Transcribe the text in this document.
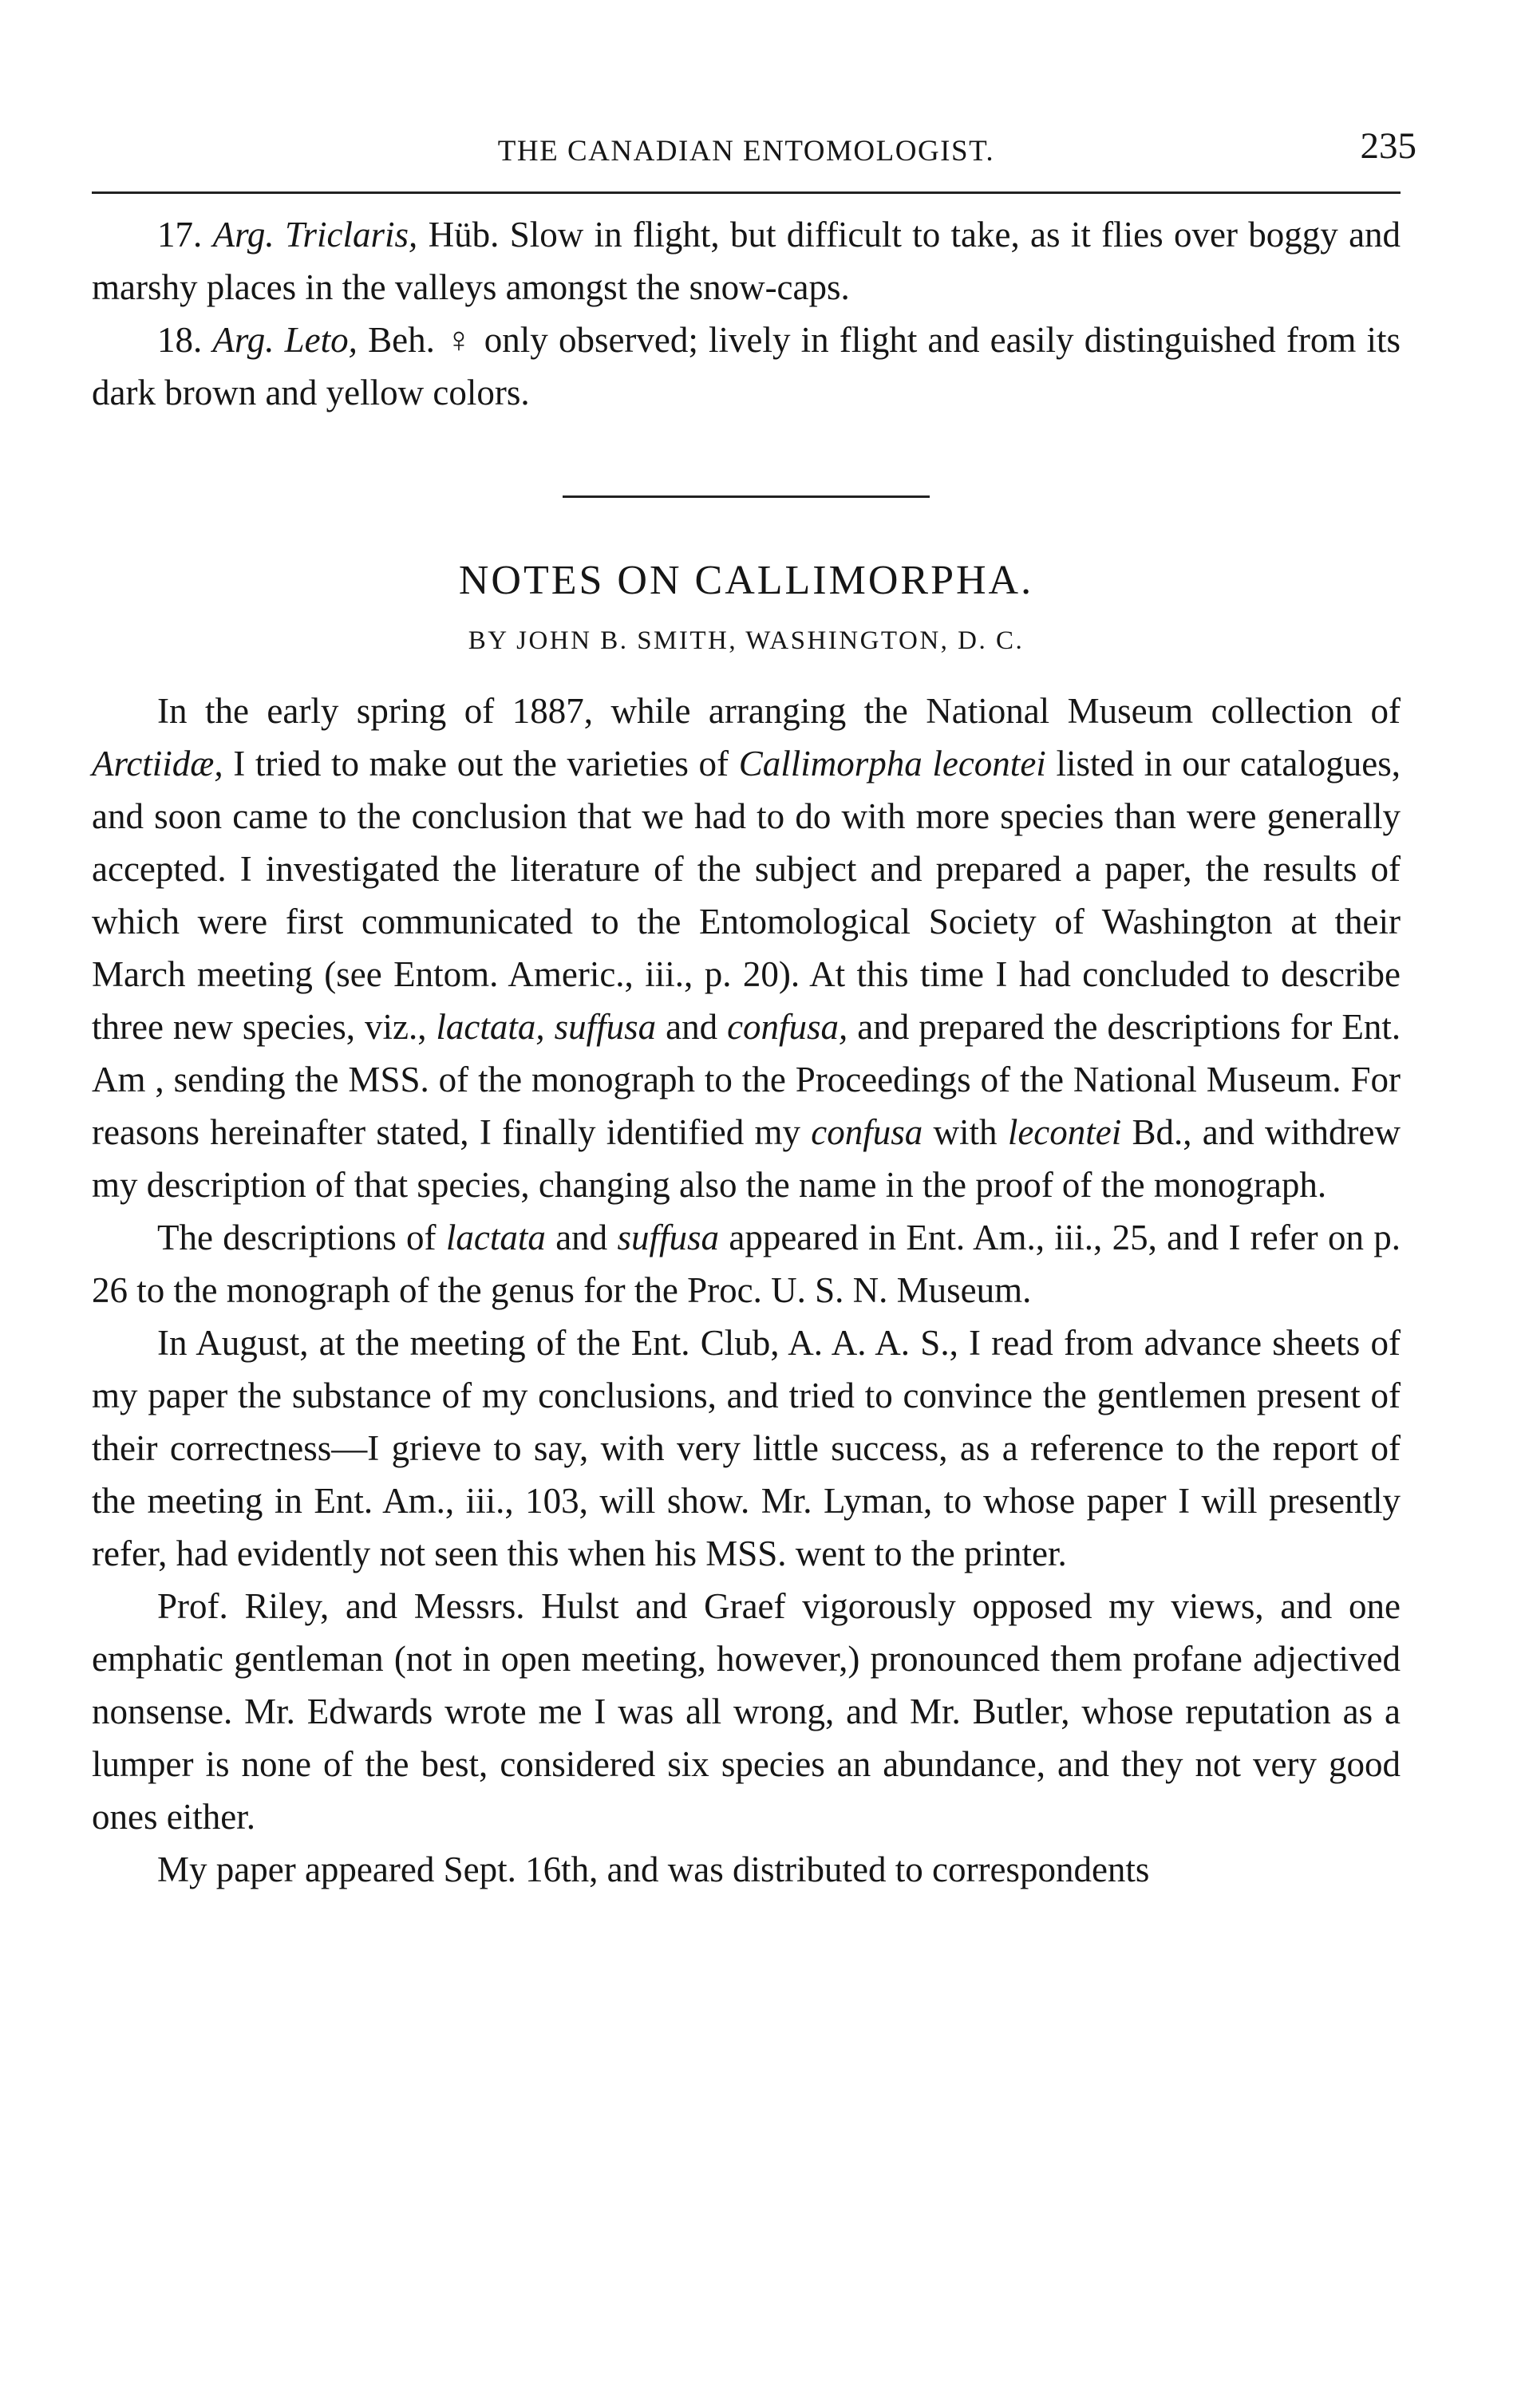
THE CANADIAN ENTOMOLOGIST.	235

17. Arg. Triclaris, Hüb. Slow in flight, but difficult to take, as it flies over boggy and marshy places in the valleys amongst the snow-caps.

18. Arg. Leto, Beh. ♀ only observed; lively in flight and easily distinguished from its dark brown and yellow colors.

NOTES ON CALLIMORPHA.
BY JOHN B. SMITH, WASHINGTON, D. C.

In the early spring of 1887, while arranging the National Museum collection of Arctiidæ, I tried to make out the varieties of Callimorpha lecontei listed in our catalogues, and soon came to the conclusion that we had to do with more species than were generally accepted. I investigated the literature of the subject and prepared a paper, the results of which were first communicated to the Entomological Society of Washington at their March meeting (see Entom. Americ., iii., p. 20). At this time I had concluded to describe three new species, viz., lactata, suffusa and confusa, and prepared the descriptions for Ent. Am , sending the MSS. of the monograph to the Proceedings of the National Museum. For reasons hereinafter stated, I finally identified my confusa with lecontei Bd., and withdrew my description of that species, changing also the name in the proof of the monograph.

The descriptions of lactata and suffusa appeared in Ent. Am., iii., 25, and I refer on p. 26 to the monograph of the genus for the Proc. U. S. N. Museum.

In August, at the meeting of the Ent. Club, A. A. A. S., I read from advance sheets of my paper the substance of my conclusions, and tried to convince the gentlemen present of their correctness—I grieve to say, with very little success, as a reference to the report of the meeting in Ent. Am., iii., 103, will show. Mr. Lyman, to whose paper I will presently refer, had evidently not seen this when his MSS. went to the printer.

Prof. Riley, and Messrs. Hulst and Graef vigorously opposed my views, and one emphatic gentleman (not in open meeting, however,) pronounced them profane adjectived nonsense. Mr. Edwards wrote me I was all wrong, and Mr. Butler, whose reputation as a lumper is none of the best, considered six species an abundance, and they not very good ones either.

My paper appeared Sept. 16th, and was distributed to correspondents
